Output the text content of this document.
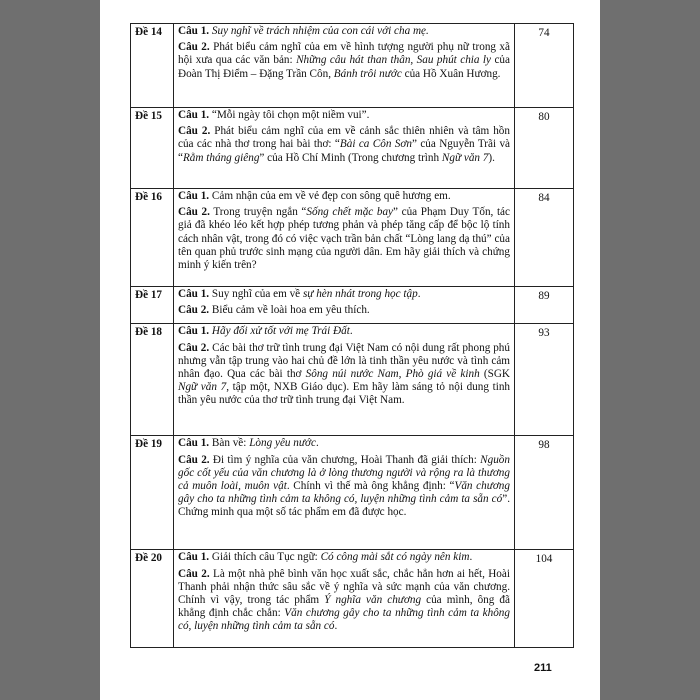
Đề 14	Câu 1. Suy nghĩ về trách nhiệm của con cái với cha mẹ.

Câu 2. Phát biểu cảm nghĩ của em về hình tượng người phụ nữ trong xã hội xưa qua các văn bản: Những câu hát than thân, Sau phút chia ly của Đoàn Thị Điểm – Đặng Trần Côn, Bánh trôi nước của Hồ Xuân Hương.	74
Đề 15	Câu 1. “Mỗi ngày tôi chọn một niềm vui”.

Câu 2. Phát biểu cảm nghĩ của em về cảnh sắc thiên nhiên và tâm hồn của các nhà thơ trong hai bài thơ: “Bài ca Côn Sơn” của Nguyễn Trãi và “Rằm tháng giêng” của Hồ Chí Minh (Trong chương trình Ngữ văn 7).	80
Đề 16	Câu 1. Cảm nhận của em về vẻ đẹp con sông quê hương em.

Câu 2. Trong truyện ngắn “Sống chết mặc bay” của Phạm Duy Tốn, tác giả đã khéo léo kết hợp phép tương phản và phép tăng cấp để bộc lộ tính cách nhân vật, trong đó có việc vạch trần bản chất “Lòng lang dạ thú” của tên quan phủ trước sinh mạng của người dân. Em hãy giải thích và chứng minh ý kiến trên?	84
Đề 17	Câu 1. Suy nghĩ của em về sự hèn nhát trong học tập.

Câu 2. Biểu cảm về loài hoa em yêu thích.	89
Đề 18	Câu 1. Hãy đối xử tốt với mẹ Trái Đất.

Câu 2. Các bài thơ trữ tình trung đại Việt Nam có nội dung rất phong phú nhưng vẫn tập trung vào hai chủ đề lớn là tinh thần yêu nước và tình cảm nhân đạo. Qua các bài thơ Sông núi nước Nam, Phò giá về kinh (SGK Ngữ văn 7, tập một, NXB Giáo dục). Em hãy làm sáng tỏ nội dung tinh thần yêu nước của thơ trữ tình trung đại Việt Nam.	93
Đề 19	Câu 1. Bàn về: Lòng yêu nước.

Câu 2. Đi tìm ý nghĩa của văn chương, Hoài Thanh đã giải thích: Nguồn gốc cốt yếu của văn chương là ở lòng thương người và rộng ra là thương cả muôn loài, muôn vật. Chính vì thế mà ông khẳng định: “Văn chương gây cho ta những tình cảm ta không có, luyện những tình cảm ta sẵn có”. Chứng minh qua một số tác phẩm em đã được học.	98
Đề 20	Câu 1. Giải thích câu Tục ngữ: Có công mài sắt có ngày nên kim.

Câu 2. Là một nhà phê bình văn học xuất sắc, chắc hẳn hơn ai hết, Hoài Thanh phải nhận thức sâu sắc về ý nghĩa và sức mạnh của văn chương. Chính vì vậy, trong tác phẩm Ý nghĩa văn chương của mình, ông đã khẳng định chắc chắn: Văn chương gây cho ta những tình cảm ta không có, luyện những tình cảm ta sẵn có.	104
211
